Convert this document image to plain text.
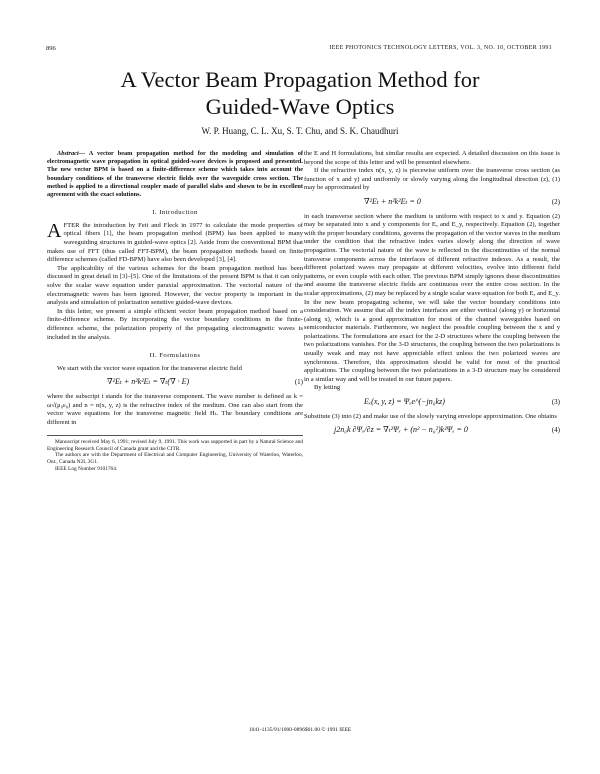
896	IEEE PHOTONICS TECHNOLOGY LETTERS, VOL. 3, NO. 10, OCTOBER 1991
A Vector Beam Propagation Method for
Guided-Wave Optics
W. P. Huang, C. L. Xu, S. T. Chu, and S. K. Chaudhuri
Abstract— A vector beam propagation method for the modeling and simulation of electromagnetic wave propagation in optical guided-wave devices is proposed and presented. The new vector BPM is based on a finite-difference scheme which takes into account the boundary conditions of the transverse electric fields over the waveguide cross section. The method is applied to a directional coupler made of parallel slabs and shown to be in excellent agreement with the exact solutions.
I. Introduction

AFTER the introduction by Feit and Fleck in 1977 to calculate the mode properties of optical fibers [1], the beam propagation method (BPM) has been applied to many waveguiding structures in guided-wave optics [2]. Aside from the conventional BPM that makes use of FFT (thus called FFT-BPM), the beam propagation methods based on finite difference schemes (called FD-BPM) have also been developed [3], [4].

The applicability of the various schemes for the beam propagation method has been discussed in great detail in [3]–[5]. One of the limitations of the present BPM is that it can only solve the scalar wave equation under paraxial approximation. The vectorial nature of the electromagnetic waves has been ignored. However, the vector property is important in the analysis and simulation of polarization sensitive guided-wave devices.

In this letter, we present a simple efficient vector beam propagation method based on a finite-difference scheme. By incorporating the vector boundary conditions in the finite-difference scheme, the polarization property of the propagating electromagnetic waves is included in the analysis.

II. Formulations

We start with the vector wave equation for the transverse electric field

∇²Eₜ + n²k²Eₜ = ∇ₜ(∇ · E)	(1)

where the subscript t stands for the transverse component. The wave number is defined as k = ω√(μ₀ε₀) and n = n(x, y, z) is the refractive index of the medium. One can also start from the vector wave equations for the transverse magnetic field Hₜ. The boundary conditions are different in

Manuscript received May 6, 1991; revised July 9, 1991. This work was supported in part by a Natural Science and Engineering Research Council of Canada grant and the CITR.
The authors are with the Department of Electrical and Computer Engineering, University of Waterloo, Waterloo, Ont., Canada N2L 3G1.
IEEE Log Number 9101764.

the E and H formulations, but similar results are expected. A detailed discussion on this issue is beyond the scope of this letter and will be presented elsewhere.

If the refractive index n(x, y, z) is piecewise uniform over the transverse cross section (as function of x and y) and uniformly or slowly varying along the longitudinal direction (z), (1) may be approximated by

∇²Eₜ + n²k²Eₜ = 0	(2)

in each transverse section where the medium is uniform with respect to x and y. Equation (2) may be separated into x and y components for Eₓ and E_y, respectively. Equation (2), together with the proper boundary conditions, governs the propagation of the vector waves in the medium under the condition that the refractive index varies slowly along the direction of wave propagation. The vectorial nature of the wave is reflected in the discontinuities of the normal transverse components across the interfaces of different refractive indexes. As a result, the different polarized waves may propagate at different velocities, evolve into different field patterns, or even couple with each other. The previous BPM simply ignores these discontinuities and assume the transverse electric fields are continuous over the entire cross section. In the scalar approximations, (2) may be replaced by a single scalar wave equation for both Eₓ and E_y. In the new beam propagating scheme, we will take the vector boundary conditions into consideration. We assume that all the index interfaces are either vertical (along y) or horizontal (along x), which is a good approximation for most of the channel waveguides based on semiconductor materials. Furthermore, we neglect the possible coupling between the x and y polarizations. The formulations are exact for the 2-D structures where the coupling between the two polarizations vanishes. For the 3-D structures, the coupling between the two polarizations is usually weak and may not have appreciable effect unless the two polarized waves are synchronous. Therefore, this approximation should be valid for most of the practical applications. The coupling between the two polarizations in a 3-D structure may be considered in a similar way and will be treated in our future papers.

By letting

Eₓ(x, y, z) = Ψₓe^(−jn₀kz)	(3)

Substitute (3) into (2) and make use of the slowly varying envelope approximation. One obtains

j2n₀k ∂Ψₓ/∂z = ∇ₜ²Ψₓ + (n² − n₀²)k²Ψₓ = 0	(4)
1041-1135/91/1000-0896$01.00 © 1991 IEEE
